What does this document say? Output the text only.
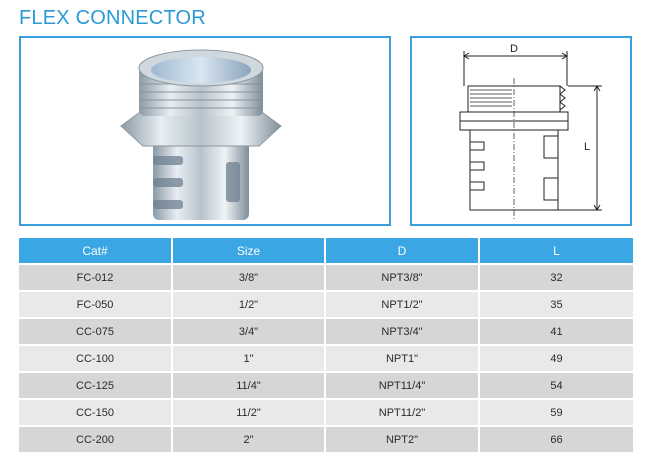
FLEX CONNECTOR
D
L
Cat#	Size	D	L
FC-012	3/8"	NPT3/8"	32
FC-050	1/2"	NPT1/2"	35
CC-075	3/4"	NPT3/4"	41
CC-100	1"	NPT1"	49
CC-125	11/4"	NPT11/4"	54
CC-150	11/2"	NPT11/2"	59
CC-200	2"	NPT2"	66
